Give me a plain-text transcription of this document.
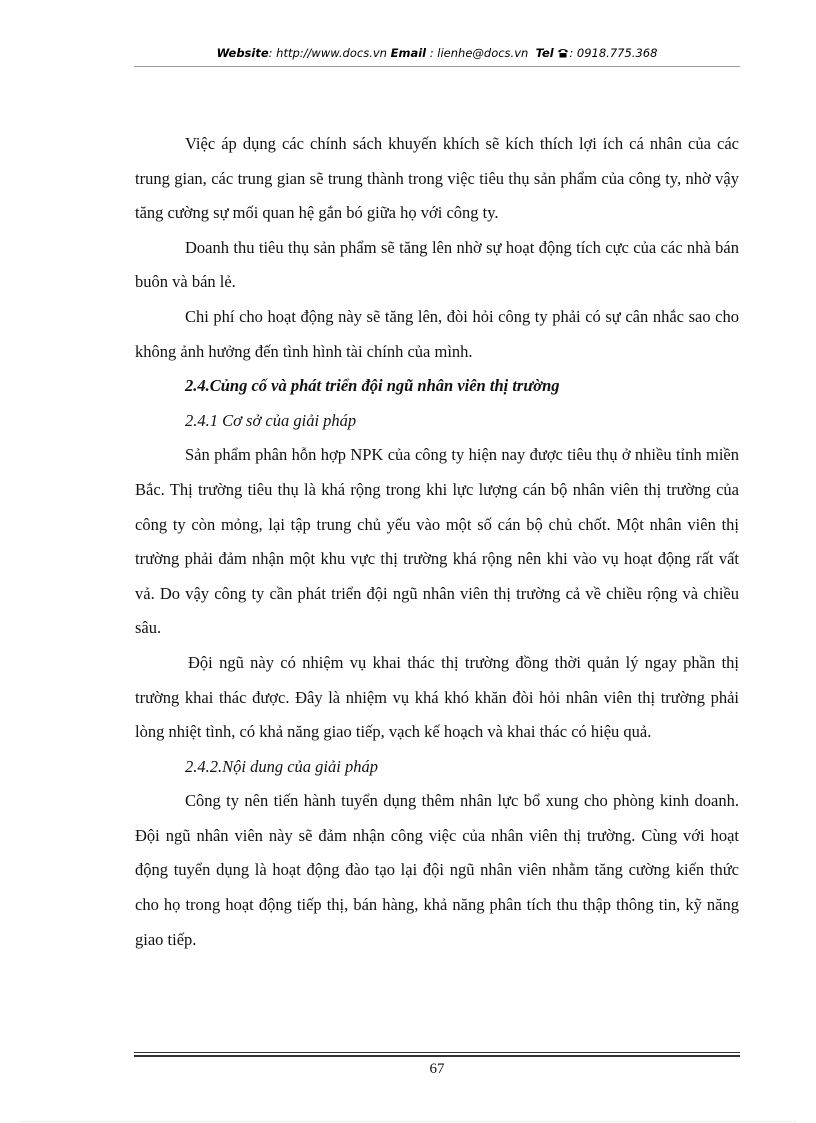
Website: http://www.docs.vn Email : lienhe@docs.vn Tel : 0918.775.368

Việc áp dụng các chính sách khuyến khích sẽ kích thích lợi ích cá nhân của các trung gian, các trung gian sẽ trung thành trong việc tiêu thụ sản phẩm của công ty, nhờ vậy tăng cường sự mối quan hệ gắn bó giữa họ với công ty.

Doanh thu tiêu thụ sản phẩm sẽ tăng lên nhờ sự hoạt động tích cực của các nhà bán buôn và bán lẻ.

Chi phí cho hoạt động này sẽ tăng lên, đòi hỏi công ty phải có sự cân nhắc sao cho không ảnh hưởng đến tình hình tài chính của mình.

2.4.Củng cố và phát triển đội ngũ nhân viên thị trường
2.4.1 Cơ sở của giải pháp

Sản phẩm phân hỗn hợp NPK của công ty hiện nay được tiêu thụ ở nhiều tỉnh miền Bắc. Thị trường tiêu thụ là khá rộng trong khi lực lượng cán bộ nhân viên thị trường của công ty còn mỏng, lại tập trung chủ yếu vào một số cán bộ chủ chốt. Một nhân viên thị trường phải đảm nhận một khu vực thị trường khá rộng nên khi vào vụ hoạt động rất vất vả. Do vậy công ty cần phát triển đội ngũ nhân viên thị trường cả về chiều rộng và chiều sâu.

Đội ngũ này có nhiệm vụ khai thác thị trường đồng thời quản lý ngay phần thị trường khai thác được. Đây là nhiệm vụ khá khó khăn đòi hỏi nhân viên thị trường phải lòng nhiệt tình, có khả năng giao tiếp, vạch kế hoạch và khai thác có hiệu quả.

2.4.2.Nội dung của giải pháp

Công ty nên tiến hành tuyển dụng thêm nhân lực bổ xung cho phòng kinh doanh. Đội ngũ nhân viên này sẽ đảm nhận công việc của nhân viên thị trường. Cùng với hoạt động tuyển dụng là hoạt động đào tạo lại đội ngũ nhân viên nhằm tăng cường kiến thức cho họ trong hoạt động tiếp thị, bán hàng, khả năng phân tích thu thập thông tin, kỹ năng giao tiếp.

67
